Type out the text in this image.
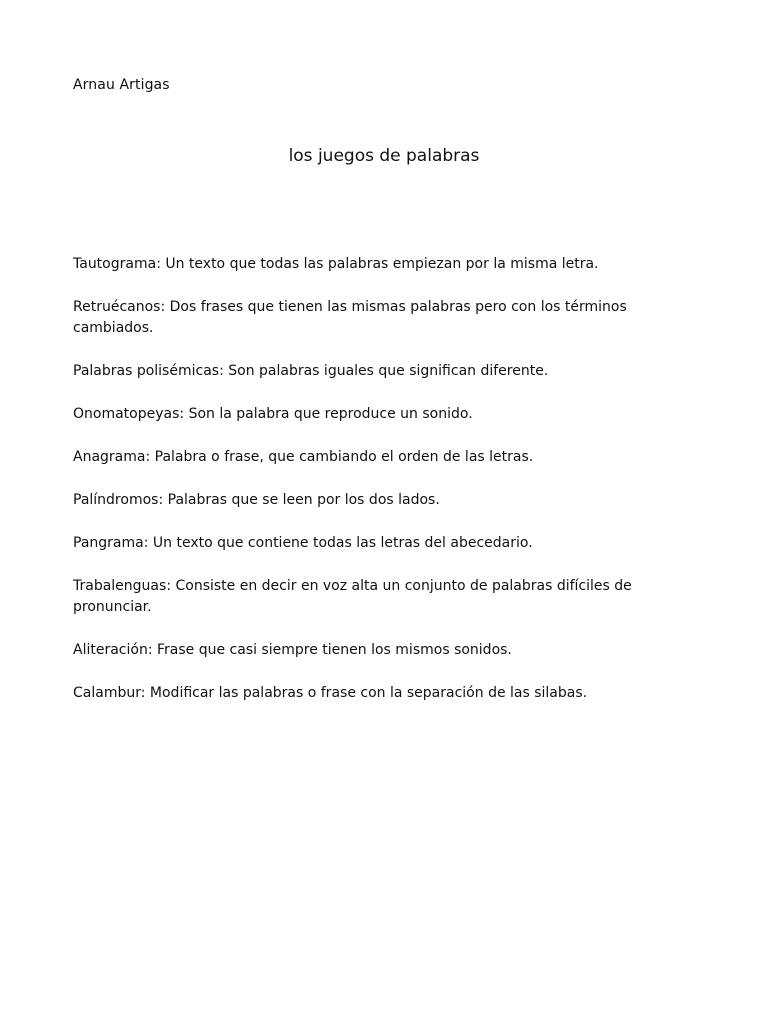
Arnau Artigas
los juegos de palabras
Tautograma: Un texto que todas las palabras empiezan por la misma letra.
Retruécanos: Dos frases que tienen las mismas palabras pero con los términos cambiados.
Palabras polisémicas: Son palabras iguales que significan diferente.
Onomatopeyas: Son la palabra que reproduce un sonido.
Anagrama: Palabra o frase, que cambiando el orden de las letras.
Palíndromos: Palabras que se leen por los dos lados.
Pangrama: Un texto que contiene todas las letras del abecedario.
Trabalenguas: Consiste en decir en voz alta un conjunto de palabras difíciles de pronunciar.
Aliteración: Frase que casi siempre tienen los mismos sonidos.
Calambur: Modificar las palabras o frase con la separación de las silabas.
